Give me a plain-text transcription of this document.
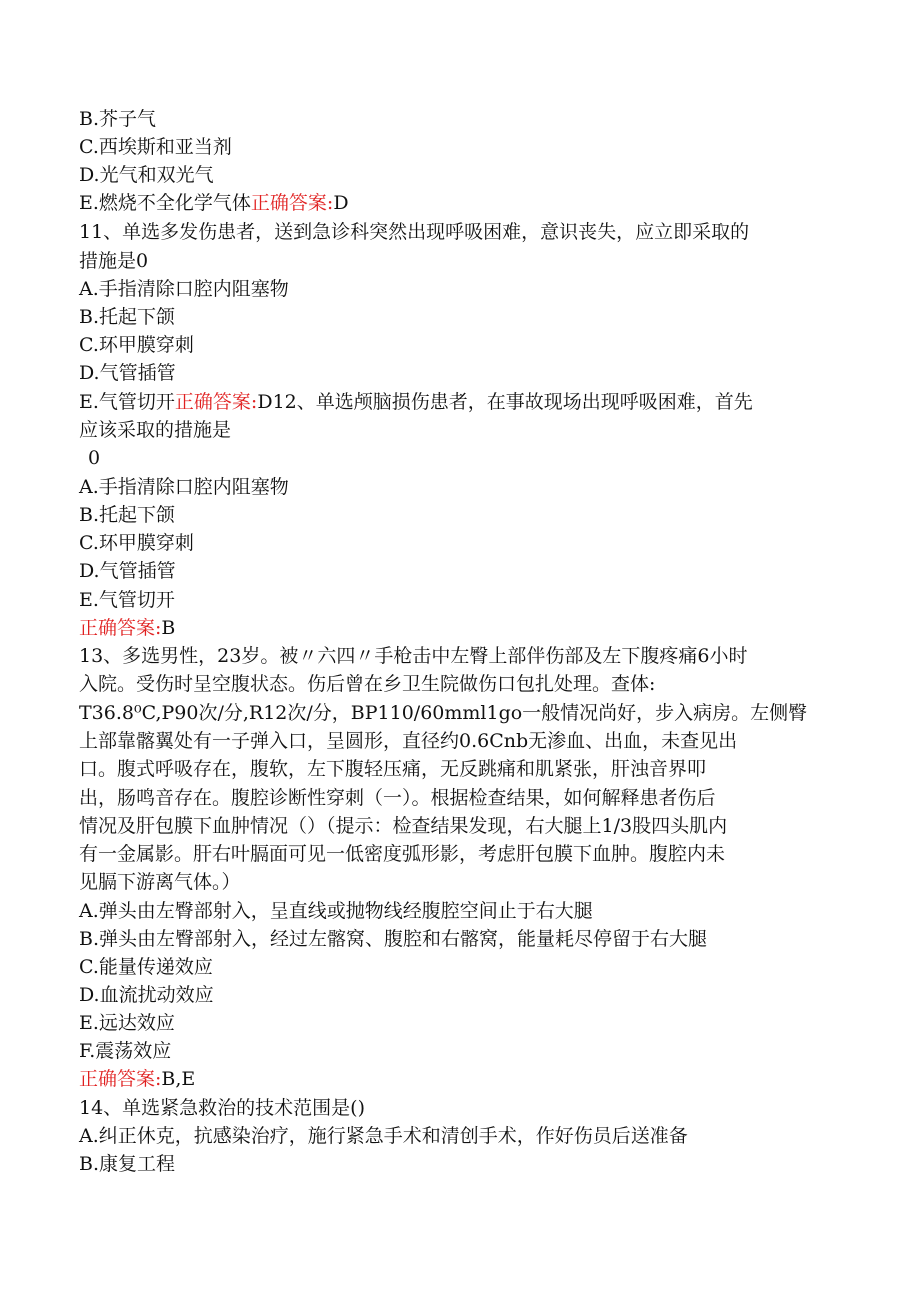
B.芥子气
C.西埃斯和亚当剂
D.光气和双光气
E.燃烧不全化学气体正确答案:D
11、单选多发伤患者，送到急诊科突然出现呼吸困难，意识丧失，应立即采取的
措施是0
A.手指清除口腔内阻塞物
B.托起下颌
C.环甲膜穿刺
D.气管插管
E.气管切开正确答案:D12、单选颅脑损伤患者，在事故现场出现呼吸困难，首先
应该采取的措施是
0
A.手指清除口腔内阻塞物
B.托起下颌
C.环甲膜穿刺
D.气管插管
E.气管切开
正确答案:B
13、多选男性，23岁。被〃六四〃手枪击中左臀上部伴伤部及左下腹疼痛6小时
入院。受伤时呈空腹状态。伤后曾在乡卫生院做伤口包扎处理。查体:
T36.8⁰C,P90次/分,R12次/分，BP110/60mml1go一般情况尚好，步入病房。左侧臀
上部靠髂翼处有一子弹入口，呈圆形，直径约0.6Cnb无渗血、出血，未查见出
口。腹式呼吸存在，腹软，左下腹轻压痛，无反跳痛和肌紧张，肝浊音界叩
出，肠鸣音存在。腹腔诊断性穿刺（一）。根据检查结果，如何解释患者伤后
情况及肝包膜下血肿情况（）（提示：检查结果发现，右大腿上1/3股四头肌内
有一金属影。肝右叶膈面可见一低密度弧形影，考虑肝包膜下血肿。腹腔内未
见膈下游离气体。）
A.弹头由左臀部射入，呈直线或抛物线经腹腔空间止于右大腿
B.弹头由左臀部射入，经过左髂窝、腹腔和右髂窝，能量耗尽停留于右大腿
C.能量传递效应
D.血流扰动效应
E.远达效应
F.震荡效应
正确答案:B,E
14、单选紧急救治的技术范围是()
A.纠正休克，抗感染治疗，施行紧急手术和清创手术，作好伤员后送准备
B.康复工程
